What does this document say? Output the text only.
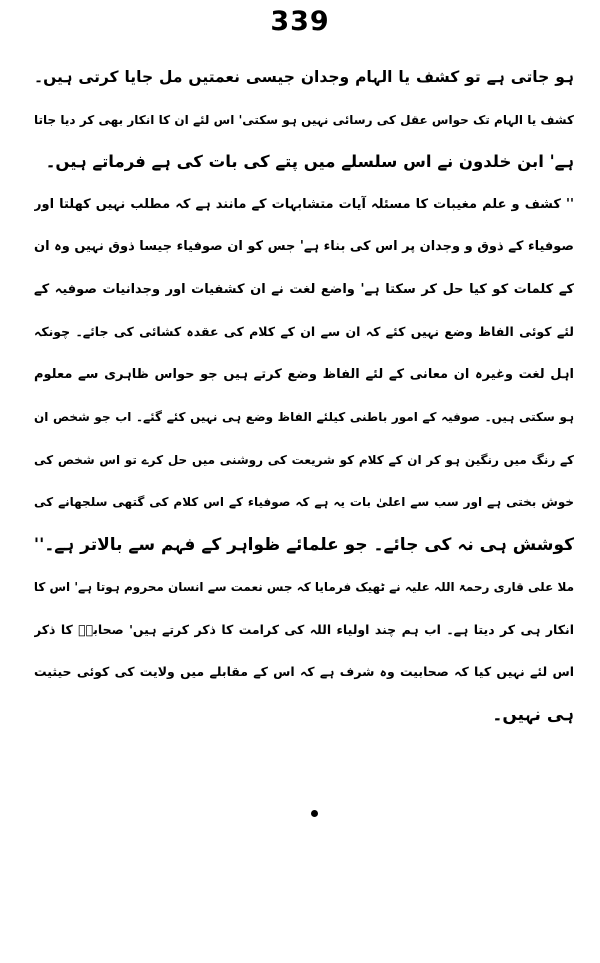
339
ہو جاتی ہے تو کشف یا الہام وجدان جیسی نعمتیں مل جایا کرتی ہیں۔
کشف یا الہام تک حواس عقل کی رسائی نہیں ہو سکتی' اس لئے ان کا انکار بھی کر دیا جاتا
ہے' ابن خلدون نے اس سلسلے میں پتے کی بات کی ہے فرماتے ہیں۔
'' کشف و علم مغیبات کا مسئلہ آیات متشابہات کے مانند ہے کہ مطلب نہیں کھلتا اور
صوفیاء کے ذوق و وجدان پر اس کی بناء ہے' جس کو ان صوفیاء جیسا ذوق نہیں وہ ان
کے کلمات کو کیا حل کر سکتا ہے' واضع لغت نے ان کشفیات اور وجدانیات صوفیہ کے
لئے کوئی الفاظ وضع نہیں کئے کہ ان سے ان کے کلام کی عقدہ کشائی کی جائے۔ چونکہ
اہل لغت وغیرہ ان معانی کے لئے الفاظ وضع کرتے ہیں جو حواس ظاہری سے معلوم
ہو سکتی ہیں۔ صوفیہ کے امور باطنی کیلئے الفاظ وضع ہی نہیں کئے گئے۔ اب جو شخص ان
کے رنگ میں رنگین ہو کر ان کے کلام کو شریعت کی روشنی میں حل کرے تو اس شخص کی
خوش بختی ہے اور سب سے اعلیٰ بات یہ ہے کہ صوفیاء کے اس کلام کی گتھی سلجھانے کی
کوشش ہی نہ کی جائے۔ جو علمائے ظواہر کے فہم سے بالاتر ہے۔''
ملا علی قاری رحمۃ اللہ علیہ نے ٹھیک فرمایا کہ جس نعمت سے انسان محروم ہوتا ہے' اس کا
انکار ہی کر دیتا ہے۔ اب ہم چند اولیاء اللہ کی کرامت کا ذکر کرتے ہیں' صحابہؓ کا ذکر
اس لئے نہیں کیا کہ صحابیت وہ شرف ہے کہ اس کے مقابلے میں ولایت کی کوئی حیثیت
ہی نہیں۔
